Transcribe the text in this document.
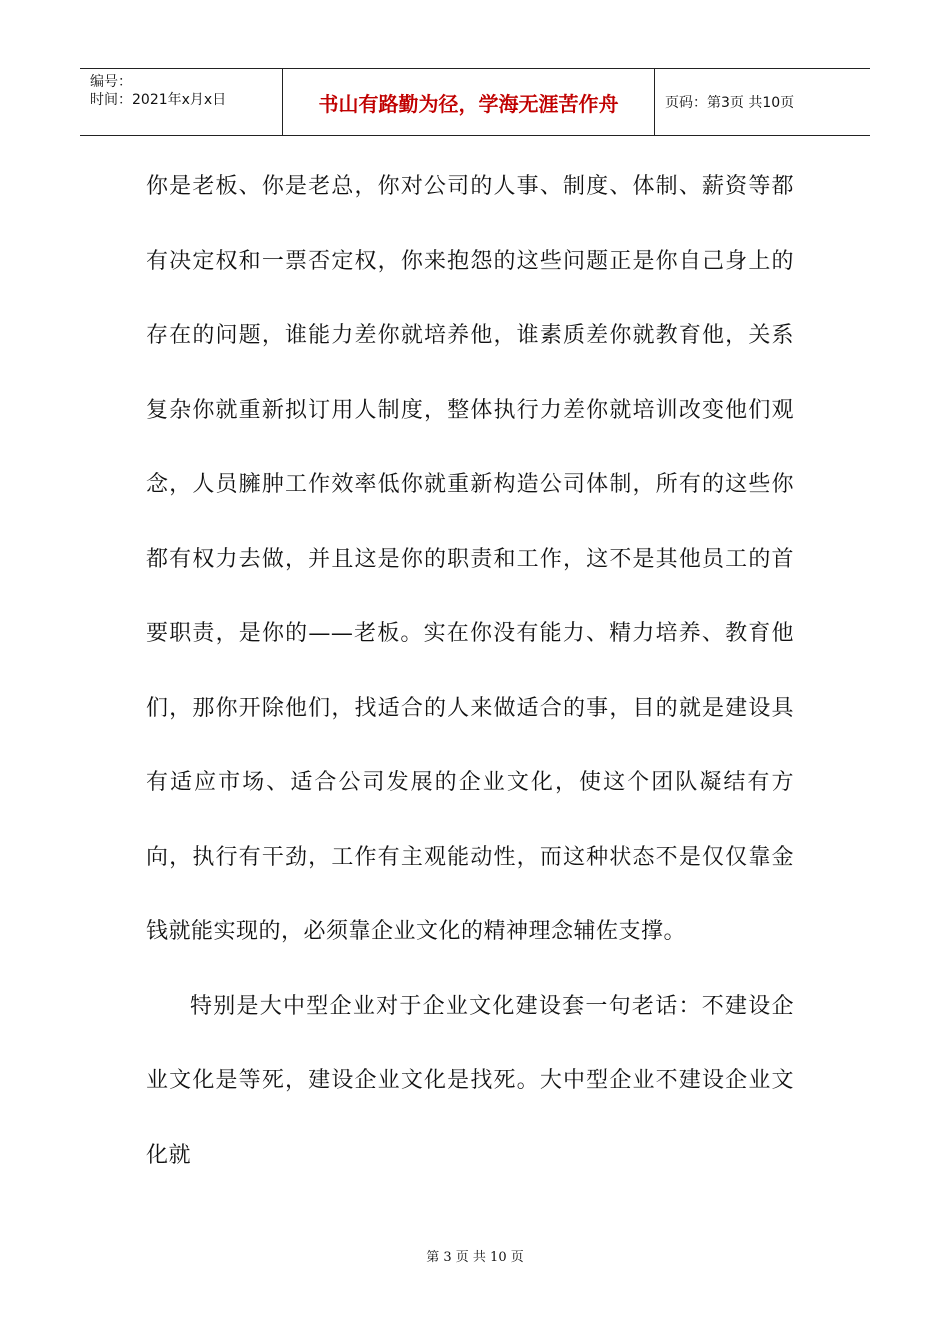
编号：
时间：2021年x月x日	书山有路勤为径，学海无涯苦作舟	页码：第3页 共10页

你是老板、你是老总，你对公司的人事、制度、体制、薪资等都有决定权和一票否定权，你来抱怨的这些问题正是你自己身上的存在的问题，谁能力差你就培养他，谁素质差你就教育他，关系复杂你就重新拟订用人制度，整体执行力差你就培训改变他们观念，人员臃肿工作效率低你就重新构造公司体制，所有的这些你都有权力去做，并且这是你的职责和工作，这不是其他员工的首要职责，是你的——老板。实在你没有能力、精力培养、教育他们，那你开除他们，找适合的人来做适合的事，目的就是建设具有适应市场、适合公司发展的企业文化，使这个团队凝结有方向，执行有干劲，工作有主观能动性，而这种状态不是仅仅靠金钱就能实现的，必须靠企业文化的精神理念辅佐支撑。

特别是大中型企业对于企业文化建设套一句老话：不建设企业文化是等死，建设企业文化是找死。大中型企业不建设企业文化就

第 3 页 共 10 页
